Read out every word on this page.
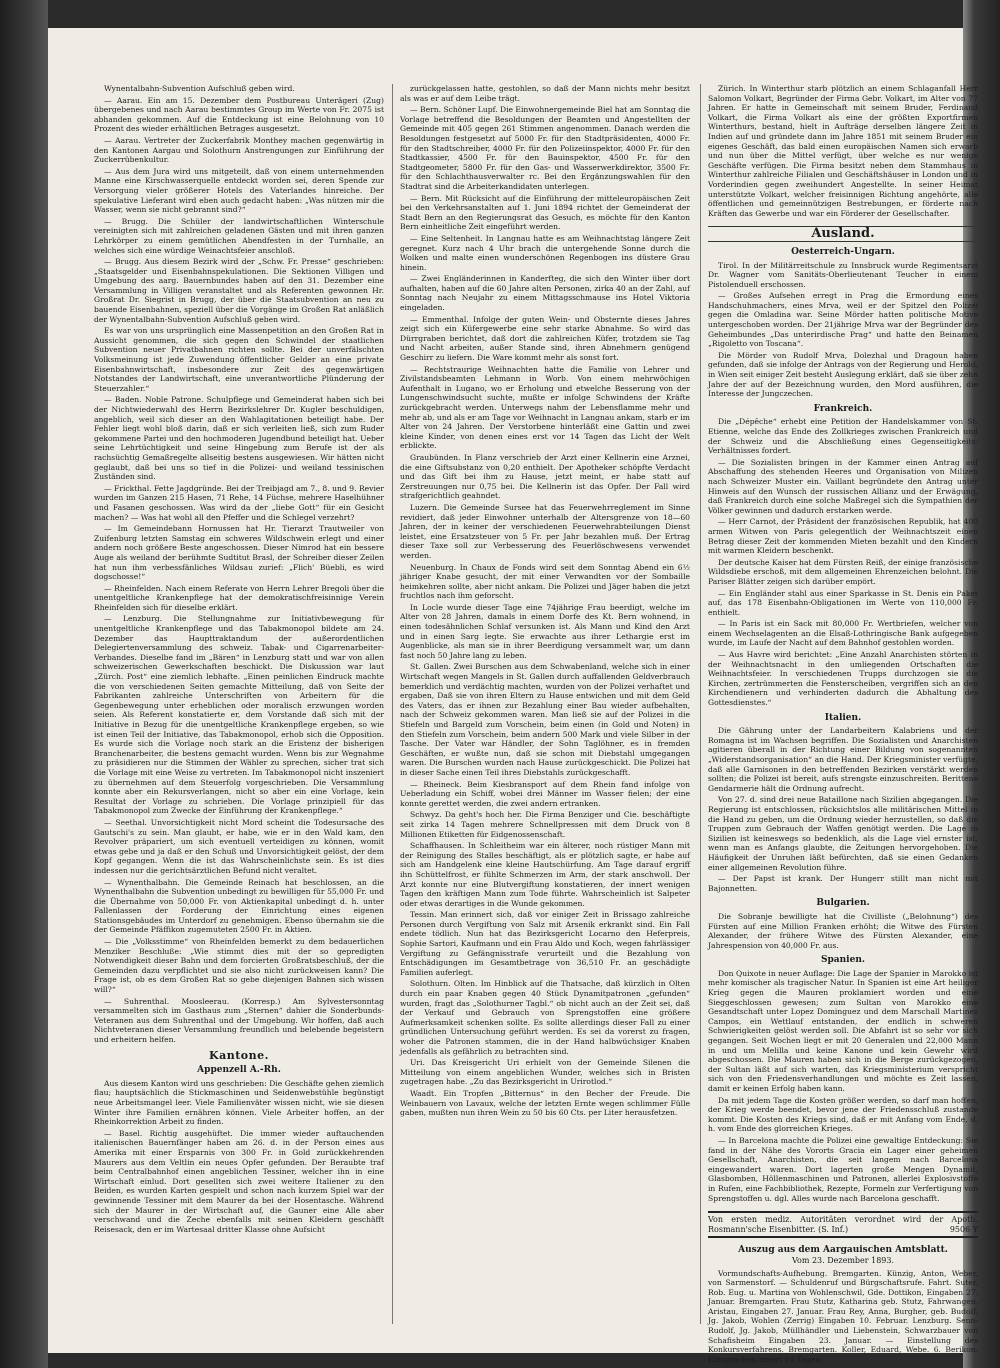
Wynentalbahn-Subvention Aufschluß geben wird.

— Aarau. Ein am 15. Dezember dem Postbureau Unterägeri (Zug) übergebenes und nach Aarau bestimmtes Group im Werte von Fr. 2075 ist abhanden gekommen. Auf die Entdeckung ist eine Belohnung von 10 Prozent des wieder erhältlichen Betrages ausgesetzt.

— Aarau. Vertreter der Zuckerfabrik Monthey machen gegenwärtig in den Kantonen Aargau und Solothurn Anstrengungen zur Einführung der Zuckerrübenkultur.

— Aus dem Jura wird uns mitgeteilt, daß von einem unternehmenden Manne eine Kirschwasserquelle entdeckt worden sei, deren Spende zur Versorgung vieler größerer Hotels des Vaterlandes hinreiche. Der spekulative Lieferant wird eben auch gedacht haben: „Was nützen mir die Wasser, wenn sie nicht gebrannt sind?“

— Brugg. Die Schüler der landwirtschaftlichen Winterschule vereinigten sich mit zahlreichen geladenen Gästen und mit ihren ganzen Lehrkörper zu einem gemütlichen Abendfesten in der Turnhalle, an welches sich eine würdige Weinachtsfeier anschloß.

— Brugg. Aus diesem Bezirk wird der „Schw. Fr. Presse“ geschrieben: „Staatsgelder und Eisenbahnspekulationen. Die Sektionen Villigen und Umgebung des aarg. Bauernbundes haben auf den 31. Dezember eine Versammlung in Villigen veranstaltet und als Referenten gewonnen Hr. Großrat Dr. Siegrist in Brugg, der über die Staatsubvention an neu zu bauende Eisenbahnen, speziell über die Vorgänge im Großen Rat anläßlich der Wynentalbahn-Subvention Aufschluß geben wird.

Es war von uns ursprünglich eine Massenpetition an den Großen Rat in Aussicht genommen, die sich gegen den Schwindel der staatlichen Subvention neuer Privatbahnen richten sollte. Bei der unverfälschten Volksmeinung ist jede Zuwendung öffentlicher Gelder an eine private Eisenbahnwirtschaft, insbesondere zur Zeit des gegenwärtigen Notstandes der Landwirtschaft, eine unverantwortliche Plünderung der Steuerzahler.“

— Baden. Noble Patrone. Schulpflege und Gemeinderat haben sich bei der Nichtwiederwahl des Herrn Bezirkslehrer Dr. Kugler beschuldigen, angeblich, weil sich dieser an den Wahlagitationen beteiligt habe. Der Fehler liegt wohl bloß darin, daß er sich verleiten ließ, sich zum Ruder gekommene Partei und den hochmoderen Jugendbund beteiligt hat. Ueber seine Lehrtüchtigkeit und seine Hingebung zum Berufe ist der als rachsüchtig Gemaßregelte allseitig bestens ausgewiesen. Wir hätten nicht geglaubt, daß bei uns so tief in die Polizei- und weiland tessinischen Zuständen sind.

— Frickthal. Fette Jagdgründe. Bei der Treibjagd am 7., 8. und 9. Revier wurden im Ganzen 215 Hasen, 71 Rehe, 14 Füchse, mehrere Haselhühner und Fasanen geschossen. Was wird da der „liebe Gott“ für ein Gesicht machen? — Was hat wohl all den Pfeffer und die Schlegel verzehrt?

— Im Gemeindebann Hornussen hat Hr. Tierarzt Trautweiler von Zuifenburg letzten Samstag ein schweres Wildschwein erlegt und einer andern noch größere Beste angeschossen. Dieser Nimrod hat ein bessere Auge als weiland der berühmte Sudtitut Brasl, der Schreiber dieser Zeilen hat nun ihm verbessfänliches Wildsau zurief: „Flich' Büebli, es wird dogschosse!“

— Rheinfelden. Nach einem Referate von Herrn Lehrer Bregoli über die unentgeltliche Krankenpflege hat der demokratischfreisinnige Verein Rheinfelden sich für dieselbe erklärt.

— Lenzburg. Die Stellungnahme zur Initiativbewegung für unentgeltliche Krankenpflege und das Tabakmonopol bildete am 24. Dezember das Haupttraktandum der außerordentlichen Delegiertenversammlung des schweiz. Tabak- und Cigarrenarbeiter-Verbandes. Dieselbe fand im „Bären“ in Lenzburg statt und war von allen schweizerischen Gewerkschaften beschickt. Die Diskussion war laut „Zürch. Post“ eine ziemlich lebhafte. „Einen peinlichen Eindruck machte die von verschiedenen Seiten gemachte Mitteilung, daß von Seite der Fabrikanten zahlreiche Unterschriften von Arbeitern für die Gegenbewegung unter erheblichen oder moralisch erzwungen worden seien. Als Referent konstatierte er, dem Vorstande daß sich mit der Initiative in Bezug für die unentgeltliche Krankenpflege ergeben, so wie ist einen Teil der Initiative, das Tabakmonopol, erhob sich die Opposition. Es wurde sich die Vorlage noch stark an die Eristenz der bisherigen Branchenarbeiter, die bestens gemacht wurden. Wenn bis zur Wegnahme zu präsidieren nur die Stimmen der Wähler zu sprechen, sicher trat sich die Vorlage mit eine Weise zu vertreten. Im Tabakmonopol nicht inszeniert zu übernehmen auf dem Steuerfolg vorgeschrieben. Die Versammlung konnte aber ein Rekursverlangen, nicht so aber ein eine Vorlage, kein Resultat der Vorlage zu schrieben. Die Vorlage prinzipiell für das Tabakmonopol zum Zwecke der Einführung der Krankenpflege.“

— Seethal. Unvorsichtigkeit nicht Mord scheint die Todesursache des Gautschi's zu sein. Man glaubt, er habe, wie er in den Wald kam, den Revolver präpariert, um sich eventuell verteidigen zu können, womit etwas gebe und ja daß er den Schuß und Unvorsichtigkeit gelöst, der dem Kopf gegangen. Wenn die ist das Wahrscheinlichste sein. Es ist dies indessen nur die gerichtsärztlichen Befund nicht veraltet.

— Wynenthalbahn. Die Gemeinde Reinach hat beschlossen, an die Wynenthalbahn die Subvention unbedingt zu bewilligen für 55,000 Fr. und die Übernahme von 50,000 Fr. von Aktienkapital unbedingt d. h. unter Fallenlassen der Forderung der Einrichtung eines eigenen Stationsgebäudes im Unterdorf zu genehmigen. Ebenso übernahm sie die der Gemeinde Pfäffikon zugemuteten 2500 Fr. in Aktien.

— Die „Volksstimme“ von Rheinfelden bemerkt zu dem bedauerlichen Menziker Beschluße: „Wie stimmt dies mit der so gepredigten Notwendigkeit dieser Bahn und dem forcierten Großratsbeschluß, der die Gemeinden dazu verpflichtet und sie also nicht zurückweisen kann? Die Frage ist, ob es dem Großen Rat so gebe diejenigen Bahnen sich wissen will?“

— Suhrenthal. Moosleerau. (Korresp.) Am Sylvestersonntag versammelten sich im Gasthaus zum „Sternen“ dahier die Sonderbunds-Veteranen aus dem Suhrenthal und der Umgebung. Wir hoffen, daß auch Nichtveteranen dieser Versammlung freundlich und belebende begeistern und erheitern helfen.

Kantone.
Appenzell A.-Rh.

Aus diesem Kanton wird uns geschrieben: Die Geschäfte gehen ziemlich flau; hauptsächlich die Stickmaschinen und Seidenwebstühle begünstigt neue Arbeitsmangel leer. Viele Familienväter wissen nicht, wie sie diesen Winter ihre Familien ernähren können. Viele Arbeiter hoffen, an der Rheinkorrektion Arbeit zu finden.

— Basel. Richtig ausgehüftet. Die immer wieder auftauchenden italienischen Bauernfänger haben am 26. d. in der Person eines aus Amerika mit einer Ersparnis von 300 Fr. in Gold zurückkehrenden Maurers aus dem Veltlin ein neues Opfer gefunden. Der Beraubte traf beim Centralbahnhof einen angeblichen Tessiner, welcher ihn in eine Wirtschaft einlud. Dort gesellten sich zwei weitere Italiener zu den Beiden, es wurden Karten gespielt und schon nach kurzem Spiel war der gewinnende Tessiner mit dem Maurer da bei der Hosentasche. Während sich der Maurer in der Wirtschaft auf, die Gauner eine Alle aber verschwand und die Zeche ebenfalls mit seinen Kleidern geschäfft Reisesack, den er im Wartesaal dritter Klasse ohne Aufsicht

zurückgelassen hatte, gestohlen, so daß der Mann nichts mehr besitzt als was er auf dem Leibe trägt.

— Bern. Schöner Lupf. Die Einwohnergemeinde Biel hat am Sonntag die Vorlage betreffend die Besoldungen der Beamten und Angestellten der Gemeinde mit 405 gegen 261 Stimmen angenommen. Danach werden die Besoldungen festgesetzt auf 5000 Fr. für den Stadtpräsidenten, 4000 Fr. für den Stadtschreiber, 4000 Fr. für den Polizeiinspektor, 4000 Fr. für den Stadtkassier, 4500 Fr. für den Bauinspektor, 4500 Fr. für den Stadtgeometer, 5800 Fr. für den Gas- und Wasserwerkdirektor, 3500 Fr. für den Schlachthausverwalter rc. Bei den Ergänzungswahlen für den Stadtrat sind die Arbeiterkandidaten unterlegen.

— Bern. Mit Rücksicht auf die Einführung der mitteleuropäischen Zeit bei den Verkehrsanstalten auf 1. Juni 1894 richtet der Gemeinderat der Stadt Bern an den Regierungsrat das Gesuch, es möchte für den Kanton Bern einheitliche Zeit eingeführt werden.

— Eine Seltenheit. In Langnau hatte es am Weihnachtstag längere Zeit geregnet. Kurz nach 4 Uhr brach die untergehende Sonne durch die Wolken und malte einen wunderschönen Regenbogen ins düstere Grau hinein.

— Zwei Engländerinnen in Kanderfteg, die sich den Winter über dort aufhalten, haben auf die 60 Jahre alten Personen, zirka 40 an der Zahl, auf Sonntag nach Neujahr zu einem Mittagsschmause ins Hotel Viktoria eingeladen.

— Emmenthal. Infolge der guten Wein- und Obsternte dieses Jahres zeigt sich ein Küfergewerbe eine sehr starke Abnahme. So wird das Dürrgraben berichtet, daß dort die zahlreichen Küfer, trotzdem sie Tag und Nacht arbeiten, außer Stande sind, ihren Abnehmern genügend Geschirr zu liefern. Die Ware kommt mehr als sonst fort.

— Rechtstraurige Weihnachten hatte die Familie von Lehrer und Zivilstandsbeamten Lehmann in Worb. Von einem mehrwöchigen Aufenthalt in Lugano, wo er Erholung und etwelche Besserung von der Lungenschwindsucht suchte, mußte er infolge Schwindens der Kräfte zurückgebracht werden. Unterwegs nahm der Lebensflamme mehr und mehr ab, und als er am Tage vor Weihnacht in Langnau ankam, starb er im Alter von 24 Jahren. Der Verstorbene hinterläßt eine Gattin und zwei kleine Kinder, von denen eines erst vor 14 Tagen das Licht der Welt erblickte.

Graubünden. In Flanz verschrieb der Arzt einer Kellnerin eine Arznei, die eine Giftsubstanz von 0,20 enthielt. Der Apotheker schöpfte Verdacht und das Gift bei ihm zu Hause, jetzt meint, er habe statt auf Zerstreuungen nur 0,75 bei. Die Kellnerin ist das Opfer. Der Fall wird strafgerichtlich geahndet.

Luzern. Die Gemeinde Sursee hat das Feuerwehrreglement im Sinne revidiert, daß jeder Einwohner unterhalb der Altersgrenze von 18—60 Jahren, der in keiner der verschiedenen Feuerwehrabteilungen Dienst leistet, eine Ersatzsteuer von 5 Fr. per Jahr bezahlen muß. Der Ertrag dieser Taxe soll zur Verbesserung des Feuerlöschwesens verwendet werden.

Neuenburg. In Chaux de Fonds wird seit dem Sonntag Abend ein 6½ jähriger Knabe gesucht, der mit einer Verwandten vor der Sombaille heimkehren sollte, aber nicht ankam. Die Polizei und Jäger haben die jetzt fruchtlos nach ihm geforscht.

In Locle wurde dieser Tage eine 74jährige Frau beerdigt, welche im Alter von 28 Jahren, damals in einem Dorfe des Kt. Bern wohnend, in einen todesähnlichen Schlaf versunken ist. Als Mann und Kind den Arzt und in einen Sarg legte. Sie erwachte aus ihrer Lethargie erst im Augenblicke, als man sie in ihrer Beerdigung versammelt war, um dann fast noch 50 Jahre lang zu leben.

St. Gallen. Zwei Burschen aus dem Schwabenland, welche sich in einer Wirtschaft wegen Mangels in St. Gallen durch auffallenden Geldverbrauch bemerklich und verdächtig machten, wurden von der Polizei verhaftet und ergaben, Daß sie von ihren Eltern zu Hause entwichen und mit dem Geld des Vaters, das er ihnen zur Bezahlung einer Bau wieder aufbehalten, nach der Schweiz gekommen waren. Man ließ sie auf der Polizei in die Stiefeln und Bargeld zum Vorschein, beim einen (in Gold und Noten) in den Stiefeln zum Vorschein, beim andern 500 Mark und viele Silber in der Tasche. Der Vater war Händler, der Sohn Taglöhner, es in fremden Geschäften, er wußte nun, daß sie schon mit Diebstahl umgegangen waren. Die Burschen wurden nach Hause zurückgeschickt. Die Polizei hat in dieser Sache einen Teil ihres Diebstahls zurückgeschafft.

— Rheineck. Beim Kiesbransport auf dem Rhein fand infolge von Ueberladung ein Schiff, wobei drei Männer im Wasser fielen; der eine konnte gerettet werden, die zwei andern ertranken.

Schwyz. Da geht's hoch her. Die Firma Benziger und Cie. beschäftigte seit zirka 14 Tagen mehrere Schnellpressen mit dem Druck von 8 Millionen Etiketten für Eidgenossenschaft.

Schaffhausen. In Schleitheim war ein älterer, noch rüstiger Mann mit der Reinigung des Stalles beschäftigt, als er plötzlich sagte, er habe auf sich am Handgelenk eine kleine Hautschürfung. Am Tage darauf ergriff ihn Schüttelfrost, er fühlte Schmerzen im Arm, der stark anschwoll. Der Arzt konnte nur eine Blutvergiftung konstatieren, der innert wenigen Tagen den kräftigen Mann zum Tode führte. Wahrscheinlich ist Salpeter oder etwas derartiges in die Wunde gekommen.

Tessin. Man erinnert sich, daß vor einiger Zeit in Brissago zahlreiche Personen durch Vergiftung von Salz mit Arsenik erkrankt sind. Ein Fall endete tödlich. Nun hat das Bezirksgericht Locarno den Heferpreis, Sophie Sartori, Kaufmann und ein Frau Aldo und Koch, wegen fahrlässiger Vergiftung zu Gefängnisstrafe verurteilt und die Bezahlung von Entschädigungen im Gesamtbetrage von 36,510 Fr. an geschädigte Familien auferlegt.

Solothurn. Olten. Im Hinblick auf die Thatsache, daß kürzlich in Olten durch ein paar Knaben gegen 40 Stück Dynamitpatronen „gefunden“ wurden, fragt das „Solothurner Tagbl.“ ob nicht auch an der Zeit sei, daß der Verkauf und Gebrauch von Sprengstoffen eine größere Aufmerksamkeit schenken sollte. Es sollte allerdings dieser Fall zu einer gründlichen Untersuchung geführt werden. Es sei da vorerst zu fragen, woher die Patronen stammen, die in der Hand halbwüchsiger Knaben jedenfalls als gefährlich zu betrachten sind.

Uri. Das Kreisgericht Uri erhielt von der Gemeinde Silenen die Mitteilung von einem angeblichen Wunder, welches sich in Bristen zugetragen habe. „Zu das Bezirksgericht in Urirotlod.“

Waadt. Ein Tropfen „Bitternus“ in den Becher der Freude. Die Weinbauern von Lavaux, welche der letzten Ernte wegen schlimmer Fülle gaben, mußten nun ihren Wein zu 50 bis 60 Cts. per Liter herausfetzen.

Zürich. In Winterthur starb plötzlich an einem Schlaganfall Herr Salomon Volkart, Begründer der Firma Gebr. Volkart, im Alter von 77 Jahren. Er hatte in Gemeinschaft mit seinem Bruder, Ferdinand Volkart, die Firma Volkart als eine der größten Exportfirmen Winterthurs, bestand, hielt in Aufträge derselben längere Zeit in Indien auf und gründete dann im Jahre 1851 mit seinem Bruder ein eigenes Geschäft, das bald einen europäischen Namen sich erwarb und nun über die Mittel verfügt, über welche es nur wenige Geschäfte verfügen. Die Firma besitzt neben dem Stammhaus in Winterthur zahlreiche Filialen und Geschäftshäuser in London und in Vorderindien gegen zweihundert Angestellte. In seiner Heimat unterstützte Volkart, welcher freisinnigen Richtung angehörte, alle öffentlichen und gemeinnützigen Bestrebungen, er förderte nach Kräften das Gewerbe und war ein Förderer der Gesellschafter.

Ausland.
Oesterreich-Ungarn.

Tirol. In der Militärreitschule zu Innsbruck wurde Regimentsarzt Dr. Wagner vom Sanitäts-Oberlieutenant Teucher in einem Pistolenduell erschossen.

— Großes Aufsehen erregt in Prag die Ermordung eines Handschuhmachers, eines Mrva, weil er der Spitzel den Polizei gegen die Omladina war. Seine Mörder hatten politische Motive untergeschoben worden. Der 21jährige Mrva war der Begründer des Geheimbundes „Das unterirdische Prag“ und hatte den Beinamen „Rigoletto von Toscana“.

Die Mörder von Rudolf Mrva, Dolezhal und Dragoun haben gefunden, daß sie infolge der Antrags von der Regierung und Herold, in Wien seit einiger Zeit besteht Auslegung erklärt, daß sie über zehn Jahre der auf der Bezeichnung wurden, den Mord ausführen, die Interesse der Jungczechen.

Frankreich.

Die „Dépêche“ erhebt eine Petition der Handelskammer von St. Etienne, welche das Ende des Zollkrieges zwischen Frankreich und der Schweiz und die Abschließung eines Gegenseitigkeits-Verhältnisses fordert.

— Die Sozialisten bringen in der Kammer einen Antrag auf Abschaffung des stehenden Heeres und Organisation von Milizen nach Schweizer Muster ein. Vaillant begründete den Antrag unter Hinweis auf den Wunsch der russischen Allianz und der Erwägung, daß Frankreich durch eine solche Maßregel sich die Sympathien der Völker gewinnen und dadurch erstarken werde.

— Herr Carnot, der Präsident der französischen Republik, hat 400 armen Witwen von Paris gelegentlich der Weihnachtszeit einen Betrag dieser Zeit der kommenden Mieten bezahlt und den Kindern mit warmen Kleidern beschenkt.

Der deutsche Kaiser hat dem Fürsten Reiß, der einige französische Wildsdiebe erschoß, mit dem allgemeinen Ehrenzeichen belohnt. Die Pariser Blätter zeigen sich darüber empört.

— Ein Engländer stahl aus einer Sparkasse in St. Denis ein Paket auf, das 178 Eisenbahn-Obligationen im Werte von 110,000 Fr. enthielt.

— In Paris ist ein Sack mit 80,000 Fr. Wertbriefen, welcher von einem Wechselagenten an die Elsaß-Lothringische Bank aufgegeben wurde, im Laufe der Nacht auf dem Bahnhof gestohlen worden.

— Aus Havre wird berichtet: „Eine Anzahl Anarchisten störten in der Weihnachtsnacht in den umliegenden Ortschaften die Weihnachtsfeier. In verschiedenen Trupps durchzogen sie die Kirchen, zertrümmerten die Fensterscheiben, vergriffen sich an den Kirchendienern und verhinderten dadurch die Abhaltung des Gottesdienstes.“

Italien.

Die Gährung unter der Landarbeitern Kalabriens und der Romagna ist im Wachsen begriffen. Die Sozialisten und Anarchisten agitieren überall in der Richtung einer Bildung von sogenannten „Widerstandsorganisation“ an die Hand. Der Kriegsminister verfügte, daß alle Garnisonen in den betreffenden Bezirken verstärkt werden sollten; die Polizei ist bereit, aufs strengste einzuschreiten. Berittene Gendarmerie hält die Ordnung aufrecht.

Von 27. d. sind drei neue Bataillone nach Sizilien abgegangen. Die Regierung ist entschlossen, rücksichtslos alle militärischen Mittel in die Hand zu geben, um die Ordnung wieder herzustellen, so daß die Truppen zum Gebrauch der Waffen genötigt werden. Die Lage in Sizilien ist keineswegs so bedenklich, als die Lage viel ernster ist, wenn man es Anfangs glaubte, die Zeitungen hervorgehoben. Die Häufigkeit der Unruhen läßt befürchten, daß sie einen Gedanken einer allgemeinen Revolution führe.

— Der Papst ist krank. Der Hungerr stillt man nicht mit Bajonnetten.

Bulgarien.

Die Sobranje bewilligte hat die Civilliste („Belohnung“) des Fürsten auf eine Million Franken erhöht; die Witwe des Fürsten Alexander, der frühere Witwe des Fürsten Alexander, eine Jahrespension von 40,000 Fr. aus.

Spanien.

Don Quixote in neuer Auflage: Die Lage der Spanier in Marokko ist mehr komischer als tragischer Natur. In Spanien ist eine Art heiliger Krieg gegen die Mauren proklamiert worden und eine Sieggeschlossen gewesen; zum Sultan von Marokko eine Gesandtschaft unter Lopez Dominguez und dem Marschall Martinez Campos, ein Wettlauf entstanden, der endlich in schweren Schwierigkeiten gelöst werden soll. Die Abfahrt ist so sehr vor sich gegangen. Seit Wochen liegt er mit 20 Generalen und 22,000 Mann in und um Melilla und keine Kanone und kein Gewehr wird abgeschossen. Die Mauren haben sich in die Berge zurückgezogen, der Sultan läßt auf sich warten, das Kriegsministerium verspricht sich von den Friedensverhandlungen und möchte es Zeit lassen, damit er keinen Erfolg haben kann.

Da mit jedem Tage die Kosten größer werden, so darf man hoffen, der Krieg werde beendet, bevor jene der Friedensschluß zustande kommt. Die Kosten des Kriegs sind, daß er mit Anfang vom Ende, d. h. vom Ende des glorreichen Krieges.

— In Barcelona machte die Polizei eine gewaltige Entdeckung: Sie fand in der Nähe des Vororts Gracia ein Lager einer geheimen Gesellschaft, Anarchisten, die seit langem nach Barcelona eingewandert waren. Dort lagerten große Mengen Dynamit, Glasbomben, Höllenmaschinen und Patronen, allerlei Explosivstoffe in Rufen, eine Fachbibliothek, Rezepte, Formeln zur Verfertigung von Sprengstoffen u. dgl. Alles wurde nach Barcelona geschafft.

Von ersten mediz. Autoritäten verordnet wird der Apoth. Rosmann'sche Eisenbitter. (S. Inf.)	9506 Y
Auszug aus dem Aargauischen Amtsblatt.
Vom 23. Dezember 1893.

Vormundschafts-Aufhebung. Bremgarten. Künzig, Anton, Weber, von Sarmenstorf. — Schuldenruf und Bürgschaftsrufe. Fahrt. Suter, Rob. Eug. u. Martina von Wohlenschwil, Gde. Dottikon, Eingaben 27. Januar. Bremgarten. Frau Stutz, Katharina geb. Stutz, Fahrwangen, Aristau, Eingaben 27. Januar. Frau Rey, Anna, Burgher, geb. Budolf, Jg. Jakob, Wohlen (Zerrig) Eingaben 10. Februar. Lenzburg. Senn-Rudolf, Jg. Jakob, Müllhändler und Liebenstein, Schwarzbauer von Schafisheim Eingaben 23. Januar. — Einstellung des Konkursverfahrens. Bremgarten. Koller, Eduard, Webe. 6. Berikon. Einsprachen innert 10 Tagen.
